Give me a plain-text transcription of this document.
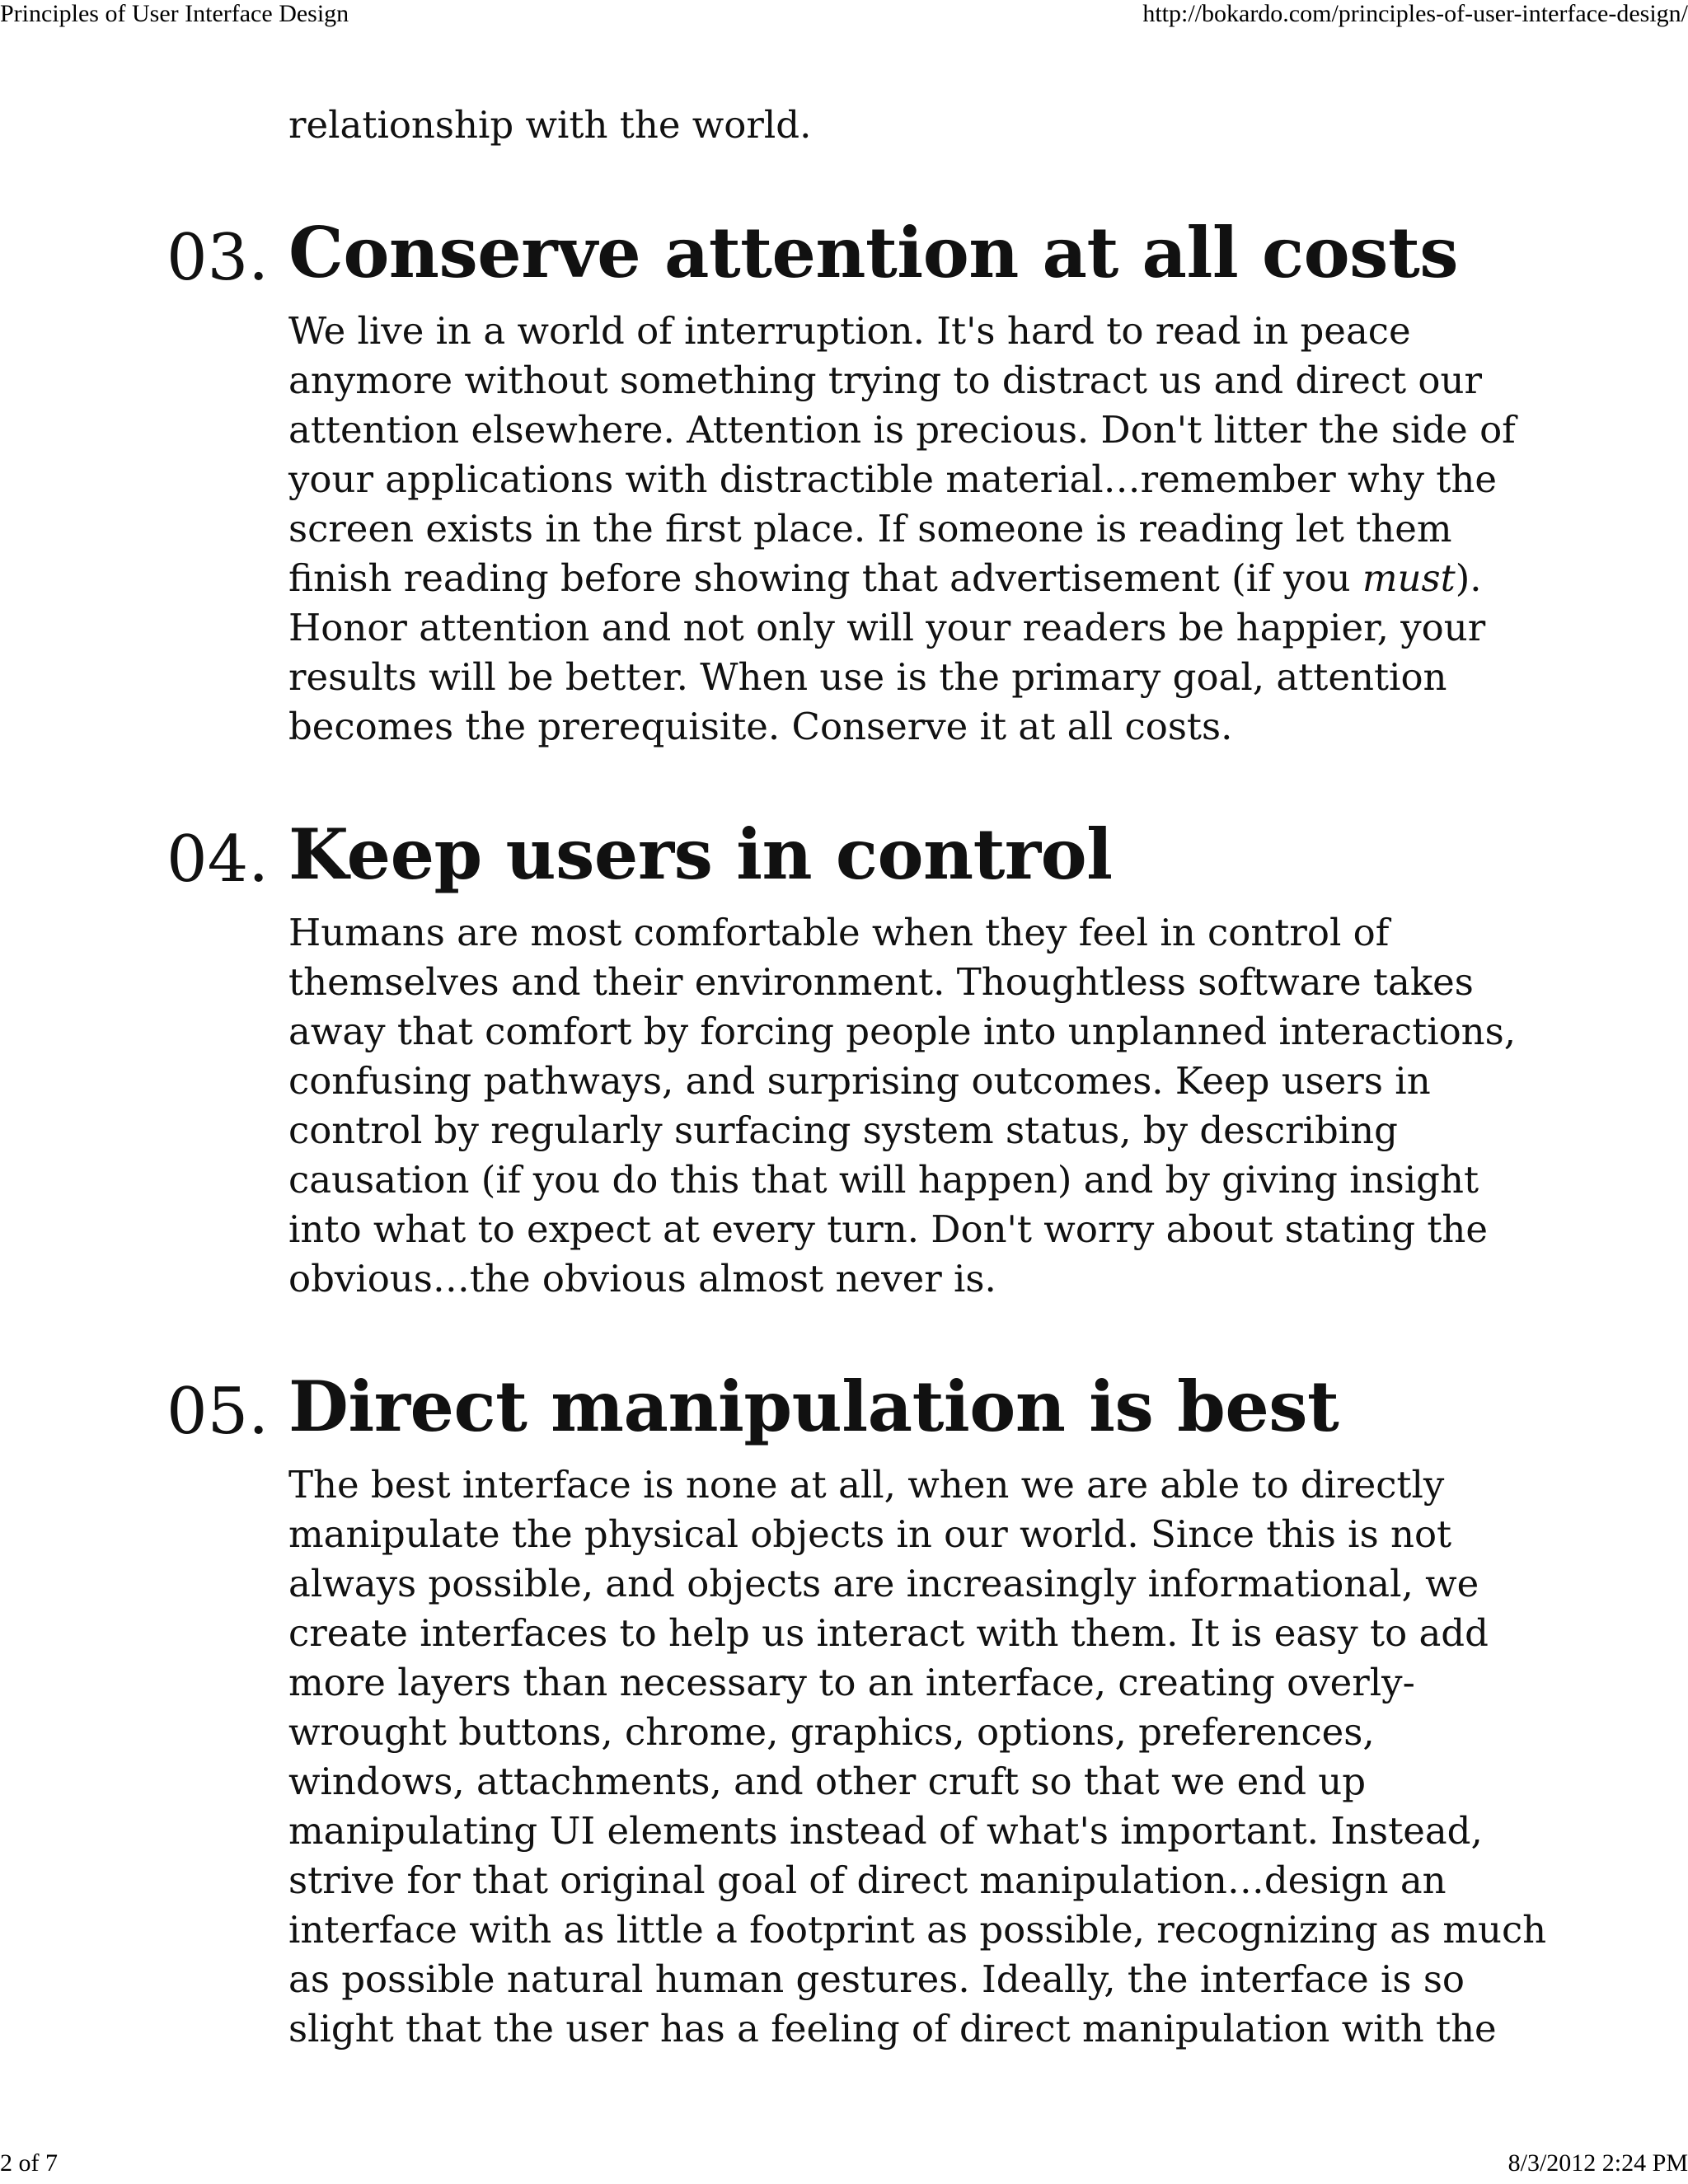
Principles of User Interface Design	http://bokardo.com/principles-of-user-interface-design/

relationship with the world.

03. Conserve attention at all costs

We live in a world of interruption. It's hard to read in peace
anymore without something trying to distract us and direct our
attention elsewhere. Attention is precious. Don't litter the side of
your applications with distractible material…remember why the
screen exists in the first place. If someone is reading let them
finish reading before showing that advertisement (if you must).
Honor attention and not only will your readers be happier, your
results will be better. When use is the primary goal, attention
becomes the prerequisite. Conserve it at all costs.

04. Keep users in control

Humans are most comfortable when they feel in control of
themselves and their environment. Thoughtless software takes
away that comfort by forcing people into unplanned interactions,
confusing pathways, and surprising outcomes. Keep users in
control by regularly surfacing system status, by describing
causation (if you do this that will happen) and by giving insight
into what to expect at every turn. Don't worry about stating the
obvious…the obvious almost never is.

05. Direct manipulation is best

The best interface is none at all, when we are able to directly
manipulate the physical objects in our world. Since this is not
always possible, and objects are increasingly informational, we
create interfaces to help us interact with them. It is easy to add
more layers than necessary to an interface, creating overly-
wrought buttons, chrome, graphics, options, preferences,
windows, attachments, and other cruft so that we end up
manipulating UI elements instead of what's important. Instead,
strive for that original goal of direct manipulation…design an
interface with as little a footprint as possible, recognizing as much
as possible natural human gestures. Ideally, the interface is so
slight that the user has a feeling of direct manipulation with the

2 of 7	8/3/2012 2:24 PM
